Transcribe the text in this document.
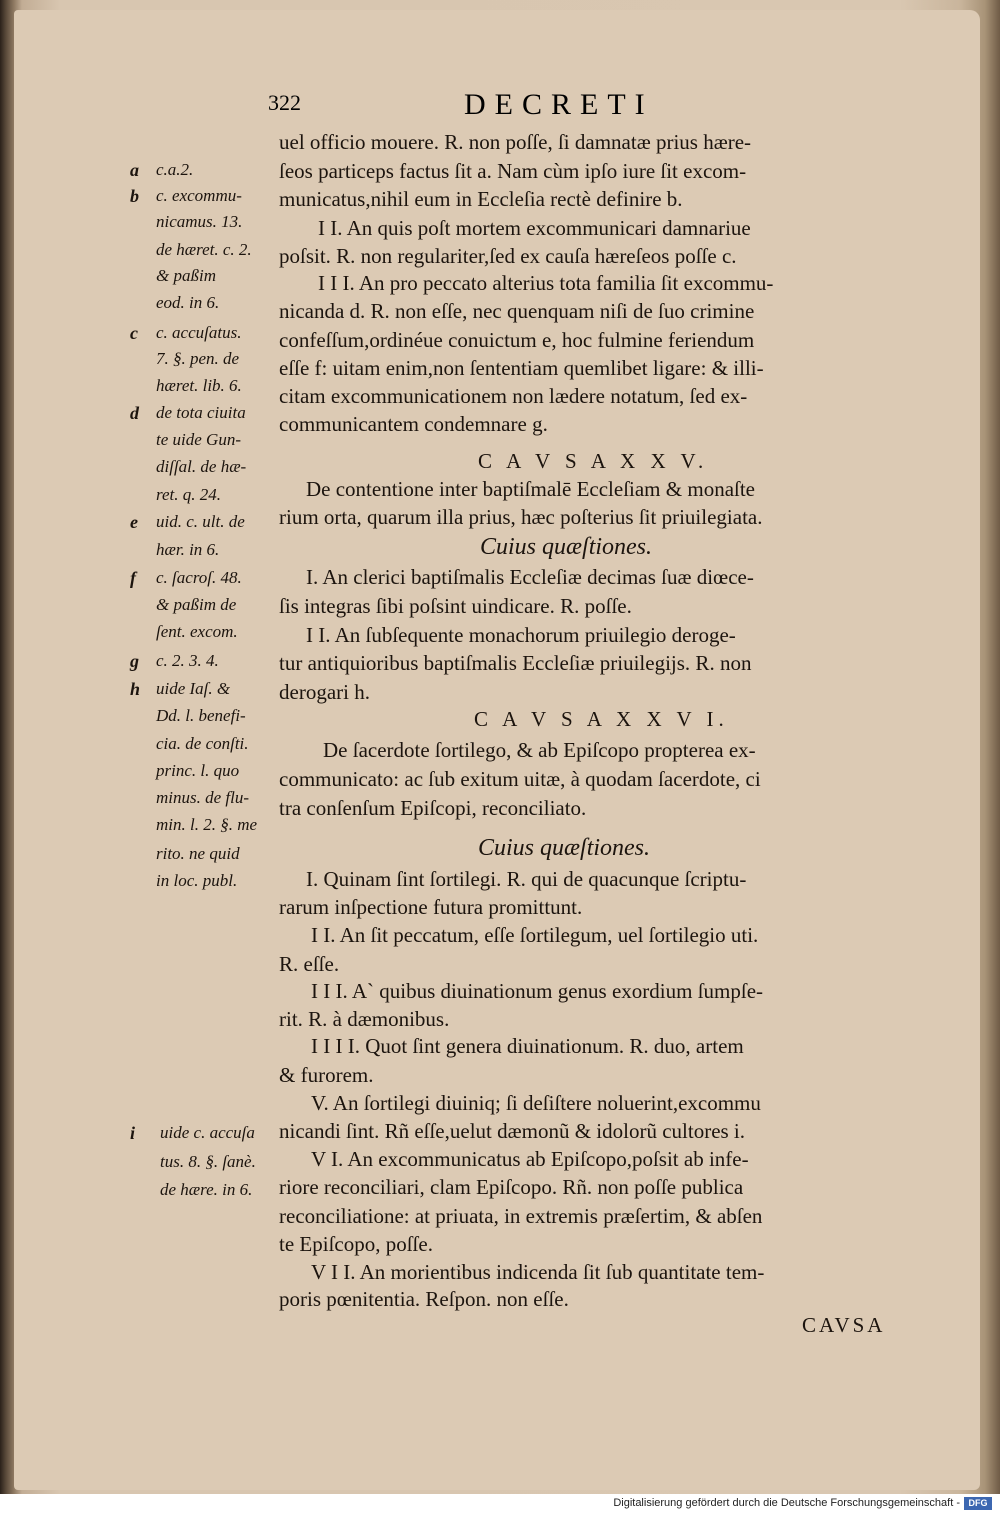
322	DECRETI
uel officio mouere. R. non poſſe, ſi damnatæ prius hære-
ſeos particeps factus ſit a. Nam cùm ipſo iure ſit excom-
municatus,nihil eum in Eccleſia rectè definire b.
I I. An quis poſt mortem excommunicari damnariue
poſsit. R. non regulariter,ſed ex cauſa hæreſeos poſſe c.
I I I. An pro peccato alterius tota familia ſit excommu-
nicanda d. R. non eſſe, nec quenquam niſi de ſuo crimine
confeſſum,ordinéue conuictum e, hoc fulmine feriendum
eſſe f: uitam enim,non ſententiam quemlibet ligare: & illi-
citam excommunicationem non lædere notatum, ſed ex-
communicantem condemnare g.
C A V S A X X V.
De contentione inter baptiſmalē Eccleſiam & monaſte
rium orta, quarum illa prius, hæc poſterius ſit priuilegiata.
Cuius quæſtiones.
I. An clerici baptiſmalis Eccleſiæ decimas ſuæ diœce-
ſis integras ſibi poſsint uindicare. R. poſſe.
I I. An ſubſequente monachorum priuilegio deroge-
tur antiquioribus baptiſmalis Eccleſiæ priuilegijs. R. non
derogari h.
C A V S A X X V I.
De ſacerdote ſortilego, & ab Epiſcopo propterea ex-
communicato: ac ſub exitum uitæ, à quodam ſacerdote, ci
tra conſenſum Epiſcopi, reconciliato.
Cuius quæſtiones.
I. Quinam ſint ſortilegi. R. qui de quacunque ſcriptu-
rarum inſpectione futura promittunt.
I I. An ſit peccatum, eſſe ſortilegum, uel ſortilegio uti.
R. eſſe.
I I I. A` quibus diuinationum genus exordium ſumpſe-
rit. R. à dæmonibus.
I I I I. Quot ſint genera diuinationum. R. duo, artem
& furorem.
V. An ſortilegi diuiniq; ſi deſiſtere noluerint,excommu
nicandi ſint. Rñ eſſe,uelut dæmonũ & idolorũ cultores i.
V I. An excommunicatus ab Epiſcopo,poſsit ab infe-
riore reconciliari, clam Epiſcopo. Rñ. non poſſe publica
reconciliatione: at priuata, in extremis præſertim, & abſen
te Epiſcopo, poſſe.
V I I. An morientibus indicenda ſit ſub quantitate tem-
poris pœnitentia. Reſpon. non eſſe.
c.a.2.
c. excommu-
nicamus. 13.
de hæret. c. 2.
& paßim
eod. in 6.
c. accuſatus.
7. §. pen. de
hæret. lib. 6.
de tota ciuita
te uide Gun-
diſſal. de hæ-
ret. q. 24.
uid. c. ult. de
hær. in 6.
c. ſacroſ. 48.
& paßim de
ſent. excom.
c. 2. 3. 4.
uide Iaſ. &
Dd. l. benefi-
cia. de conſti.
princ. l. quo
minus. de flu-
min. l. 2. §. me
rito. ne quid
in loc. publ.
uide c. accuſa
tus. 8. §. ſanè.
de hære. in 6.
a
b
c
d
e
f
g
h
i
CAVSA
Digitalisierung gefördert durch die Deutsche Forschungsgemeinschaft - DFG
